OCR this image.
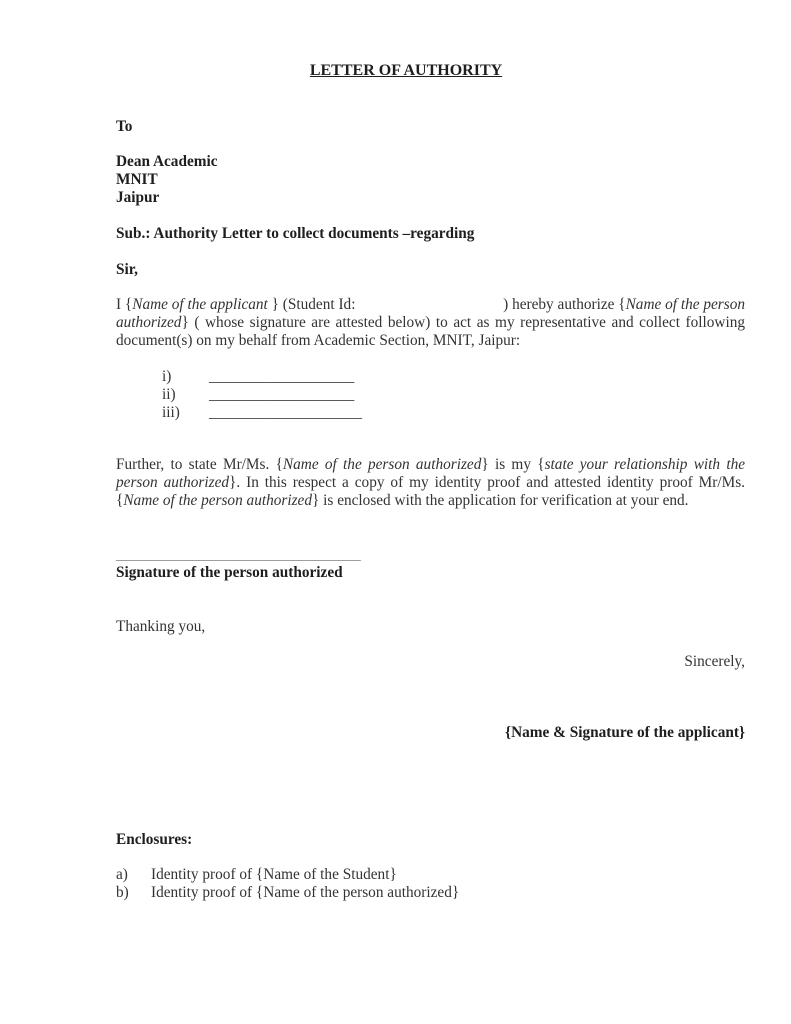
LETTER OF AUTHORITY
To
Dean Academic
MNIT
Jaipur
Sub.: Authority Letter to collect documents –regarding
Sir,
I {Name of the applicant } (Student Id:	) hereby authorize {Name of the person
authorized} ( whose signature are attested below) to act as my representative and collect following
document(s) on my behalf from Academic Section, MNIT, Jaipur:
i) ___________________
ii) ___________________
iii) ____________________
Further, to state Mr/Ms. {Name of the person authorized} is my {state your relationship with the
person authorized}. In this respect a copy of my identity proof and attested identity proof Mr/Ms.
{Name of the person authorized} is enclosed with the application for verification at your end.
________________________________
Signature of the person authorized
Thanking you,
Sincerely,
{Name & Signature of the applicant}
Enclosures:
a) Identity proof of {Name of the Student}
b) Identity proof of {Name of the person authorized}
